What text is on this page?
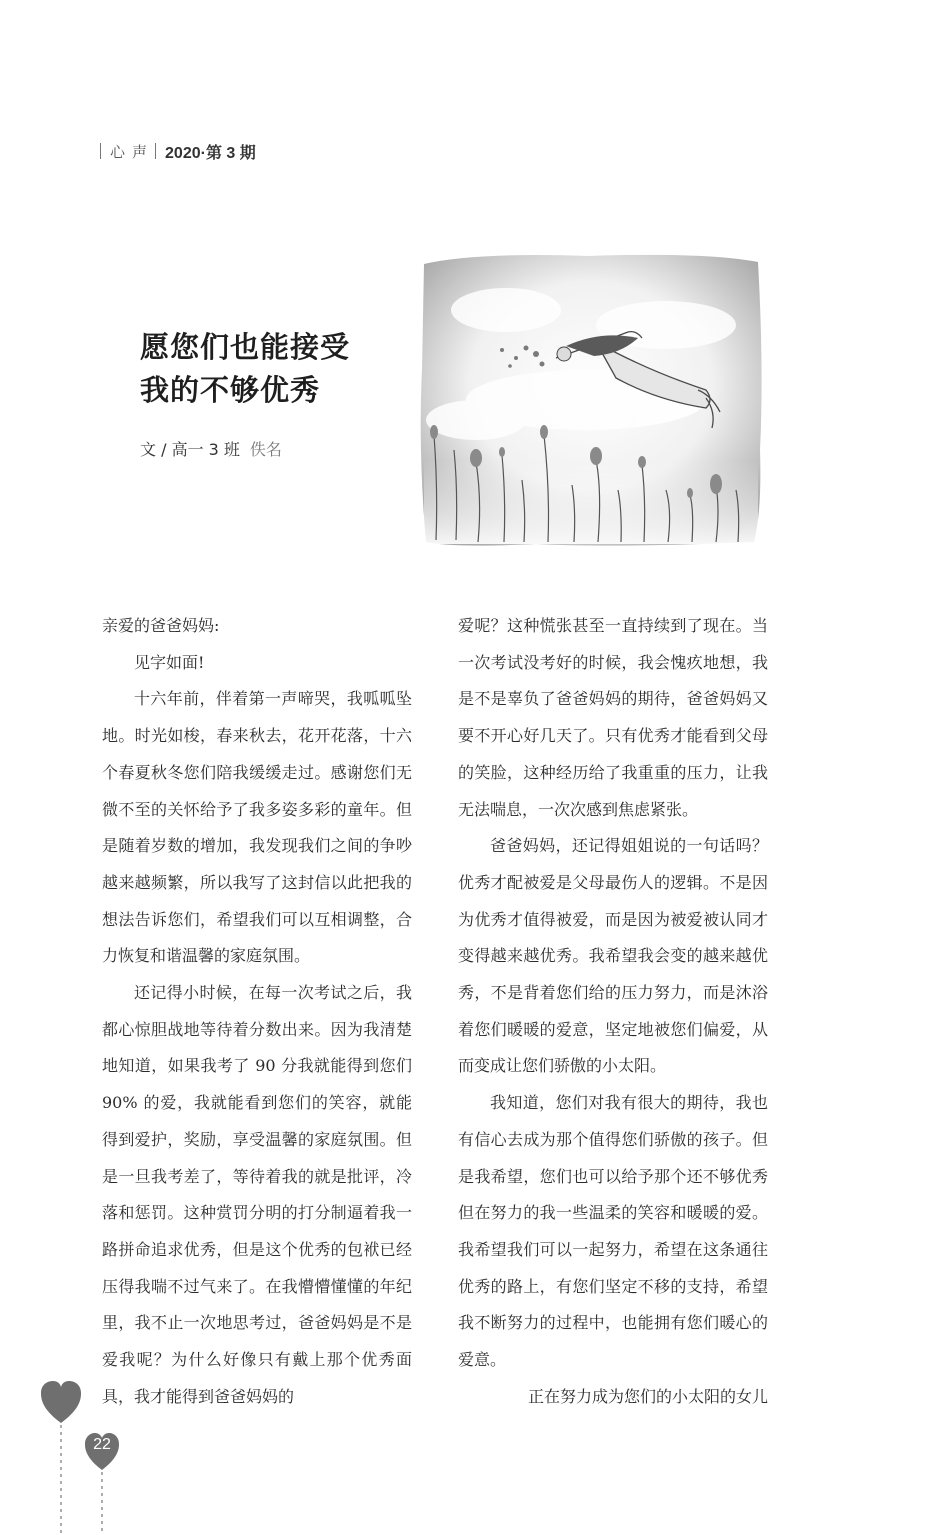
心声 2020·第 3 期
愿您们也能接受
我的不够优秀
文 / 高一 3 班 佚名

亲爱的爸爸妈妈:

见字如面!

十六年前，伴着第一声啼哭，我呱呱坠地。时光如梭，春来秋去，花开花落，十六个春夏秋冬您们陪我缓缓走过。感谢您们无微不至的关怀给予了我多姿多彩的童年。但是随着岁数的增加，我发现我们之间的争吵越来越频繁，所以我写了这封信以此把我的想法告诉您们，希望我们可以互相调整，合力恢复和谐温馨的家庭氛围。

还记得小时候，在每一次考试之后，我都心惊胆战地等待着分数出来。因为我清楚地知道，如果我考了 90 分我就能得到您们 90% 的爱，我就能看到您们的笑容，就能得到爱护，奖励，享受温馨的家庭氛围。但是一旦我考差了，等待着我的就是批评，冷落和惩罚。这种赏罚分明的打分制逼着我一路拼命追求优秀，但是这个优秀的包袱已经压得我喘不过气来了。在我懵懵懂懂的年纪里，我不止一次地思考过，爸爸妈妈是不是爱我呢？为什么好像只有戴上那个优秀面具，我才能得到爸爸妈妈的

爱呢？这种慌张甚至一直持续到了现在。当一次考试没考好的时候，我会愧疚地想，我是不是辜负了爸爸妈妈的期待，爸爸妈妈又要不开心好几天了。只有优秀才能看到父母的笑脸，这种经历给了我重重的压力，让我无法喘息，一次次感到焦虑紧张。

爸爸妈妈，还记得姐姐说的一句话吗？优秀才配被爱是父母最伤人的逻辑。不是因为优秀才值得被爱，而是因为被爱被认同才变得越来越优秀。我希望我会变的越来越优秀，不是背着您们给的压力努力，而是沐浴着您们暖暖的爱意，坚定地被您们偏爱，从而变成让您们骄傲的小太阳。

我知道，您们对我有很大的期待，我也有信心去成为那个值得您们骄傲的孩子。但是我希望，您们也可以给予那个还不够优秀但在努力的我一些温柔的笑容和暖暖的爱。我希望我们可以一起努力，希望在这条通往优秀的路上，有您们坚定不移的支持，希望我不断努力的过程中，也能拥有您们暖心的爱意。

正在努力成为您们的小太阳的女儿

22
